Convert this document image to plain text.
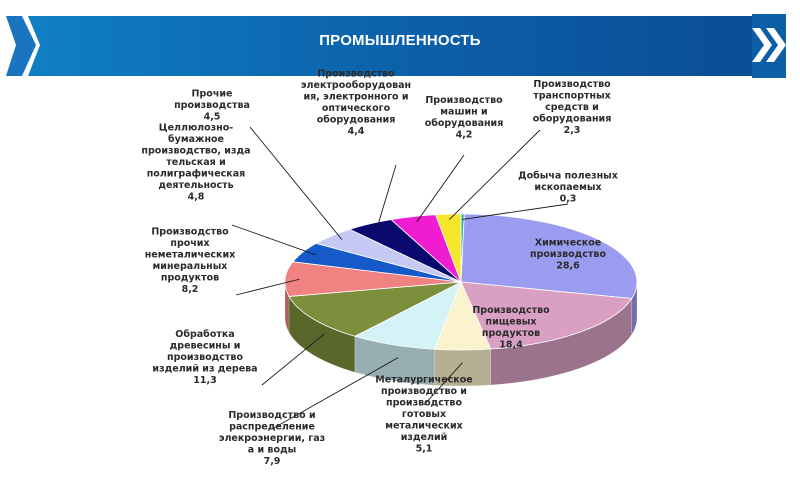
ПРОМЫШЛЕННОСТЬ
Добыча полезных ископаемых 0,3
Химическое производство 28,6
Производство пищевых продуктов 18,4
Металургическое производство и производство готовых металических изделий 5,1
Производство и распределение элекроэнергии, газ а и воды 7,9
Обработка древесины и производство изделий из дерева 11,3
Производство прочих неметалических минеральных продуктов 8,2
Целлюлозно-бумажное производство, изда тельская и полиграфическая деятельность 4,8
Прочие производства 4,5
Производство электрооборудован ия, электронного и оптического оборудования 4,4
Производство машин и оборудования 4,2
Производство транспортных средств и оборудования 2,3
